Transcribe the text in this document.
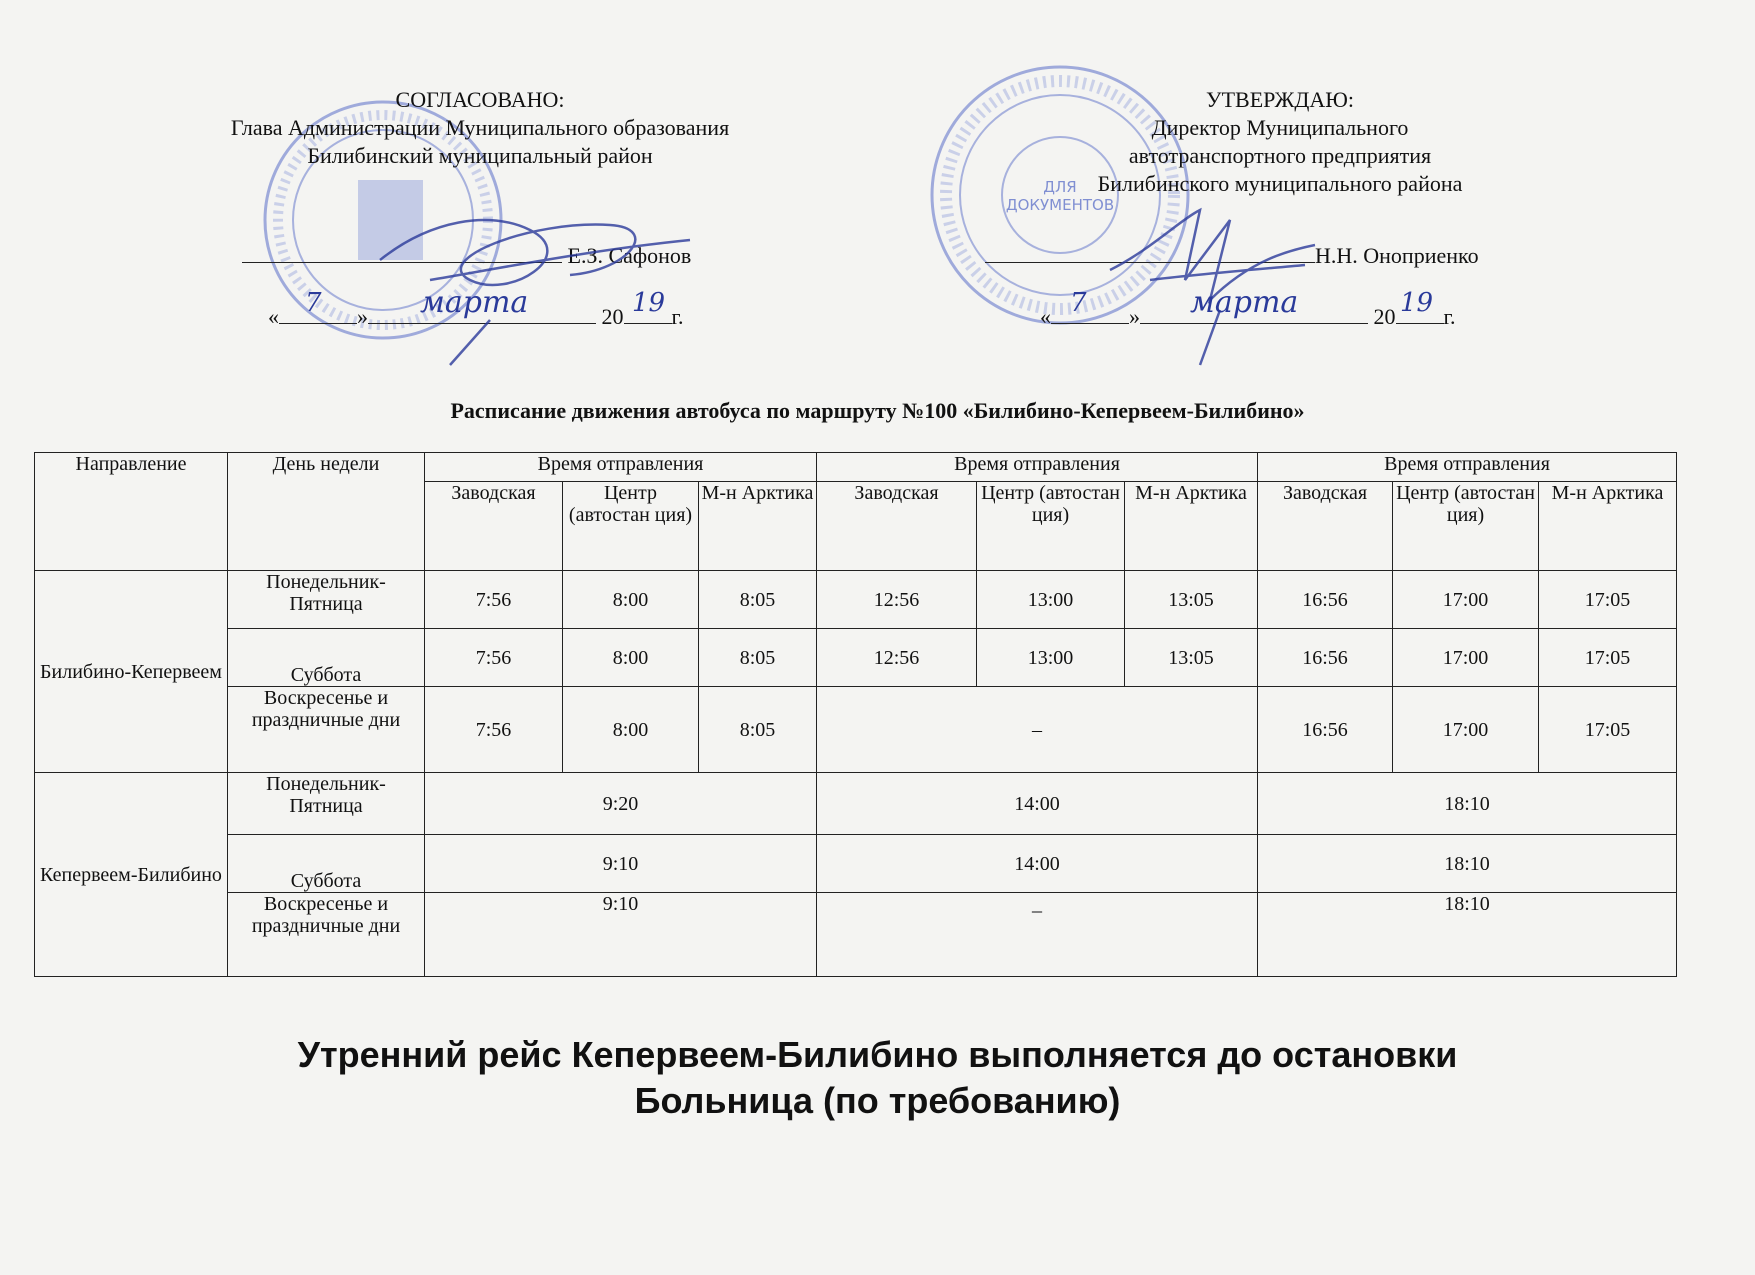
ДЛЯ
ДОКУМЕНТОВ
СОГЛАСОВАНО:
Глава Администрации Муниципального образования
Билибинский муниципальный район
Е.З. Сафонов
«	»	20 г.
7	марта	19
УТВЕРЖДАЮ:
Директор Муниципального
автотранспортного предприятия
Билибинского муниципального района
Н.Н. Оноприенко
«	»	20 г.
7	марта	19
Расписание движения автобуса по маршруту №100 «Билибино-Кепервеем-Билибино»
Направление	День недели	Время отправления			Время отправления			Время отправления		
		Заводская	Центр (автостан ция)	М-н Арктика	Заводская	Центр (автостан ция)	М-н Арктика	Заводская	Центр (автостан ция)	М-н Арктика
Билибино-Кепервеем	Понедельник-Пятница	7:56	8:00	8:05	12:56	13:00	13:05	16:56	17:00	17:05
	Суббота	7:56	8:00	8:05	12:56	13:00	13:05	16:56	17:00	17:05
	Воскресенье и праздничные дни	7:56	8:00	8:05	–			16:56	17:00	17:05
Кепервеем-Билибино	Понедельник-Пятница	9:20			14:00			18:10		
	Суббота	9:10			14:00			18:10		
	Воскресенье и праздничные дни	9:10			_			18:10		
Утренний рейс Кепервеем-Билибино выполняется до остановки
Больница (по требованию)
